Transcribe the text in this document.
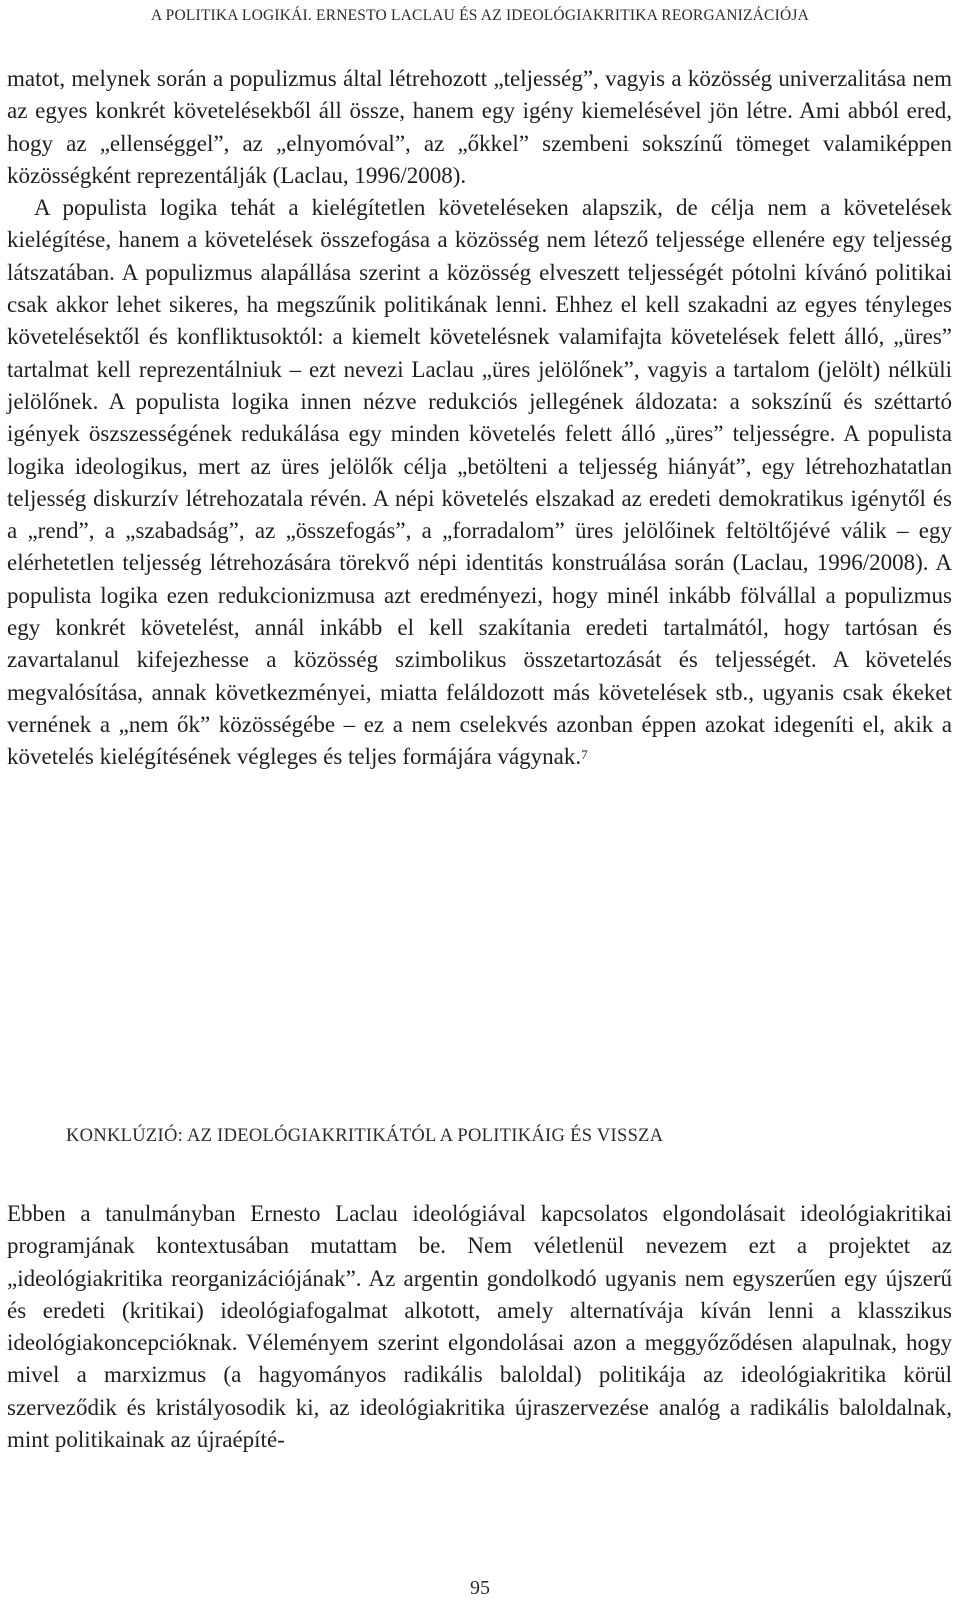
A POLITIKA LOGIKÁI. ERNESTO LACLAU ÉS AZ IDEOLÓGIAKRITIKA REORGANIZÁCIÓJA

matot, melynek során a populizmus által létrehozott „teljesség”, vagyis a közösség univerzalitása nem az egyes konkrét követelésekből áll össze, hanem egy igény kiemelésével jön létre. Ami abból ered, hogy az „ellenséggel”, az „elnyomóval”, az „őkkel” szembeni sokszínű tömeget valamiképpen közösségként reprezentálják (Laclau, 1996/2008).

A populista logika tehát a kielégítetlen követeléseken alapszik, de célja nem a követelések kielégítése, hanem a követelések összefogása a közösség nem létező teljessége ellenére egy teljesség látszatában. A populizmus alapállása szerint a közösség elveszett teljességét pótolni kívánó politikai csak akkor lehet sikeres, ha megszűnik politikának lenni. Ehhez el kell szakadni az egyes tényleges követelésektől és konfliktusoktól: a kiemelt követelésnek valamifajta követelések felett álló, „üres” tartalmat kell reprezentálniuk – ezt nevezi Laclau „üres jelölőnek”, vagyis a tartalom (jelölt) nélküli jelölőnek. A populista logika innen nézve redukciós jellegének áldozata: a sokszínű és széttartó igények öszszességének redukálása egy minden követelés felett álló „üres” teljességre. A populista logika ideologikus, mert az üres jelölők célja „betölteni a teljesség hiányát”, egy létrehozhatatlan teljesség diskurzív létrehozatala révén. A népi követelés elszakad az eredeti demokratikus igénytől és a „rend”, a „szabadság”, az „összefogás”, a „forradalom” üres jelölőinek feltöltőjévé válik – egy elérhetetlen teljesség létrehozására törekvő népi identitás konstruálása során (Laclau, 1996/2008). A populista logika ezen redukcionizmusa azt eredményezi, hogy minél inkább fölvállal a populizmus egy konkrét követelést, annál inkább el kell szakítania eredeti tartalmától, hogy tartósan és zavartalanul kifejezhesse a közösség szimbolikus összetartozását és teljességét. A követelés megvalósítása, annak következményei, miatta feláldozott más követelések stb., ugyanis csak ékeket vernének a „nem ők” közösségébe – ez a nem cselekvés azonban éppen azokat idegeníti el, akik a követelés kielégítésének végleges és teljes formájára vágynak.$^7$

KONKLÚZIÓ: AZ IDEOLÓGIAKRITIKÁTÓL A POLITIKÁIG ÉS VISSZA

Ebben a tanulmányban Ernesto Laclau ideológiával kapcsolatos elgondolásait ideológiakritikai programjának kontextusában mutattam be. Nem véletlenül nevezem ezt a projektet az „ideológiakritika reorganizációjának”. Az argentin gondolkodó ugyanis nem egyszerűen egy újszerű és eredeti (kritikai) ideológiafogalmat alkotott, amely alternatívája kíván lenni a klasszikus ideológiakoncepcióknak. Véleményem szerint elgondolásai azon a meggyőződésen alapulnak, hogy mivel a marxizmus (a hagyományos radikális baloldal) politikája az ideológiakritika körül szerveződik és kristályosodik ki, az ideológiakritika újraszervezése analóg a radikális baloldalnak, mint politikainak az újraépíté-

95
